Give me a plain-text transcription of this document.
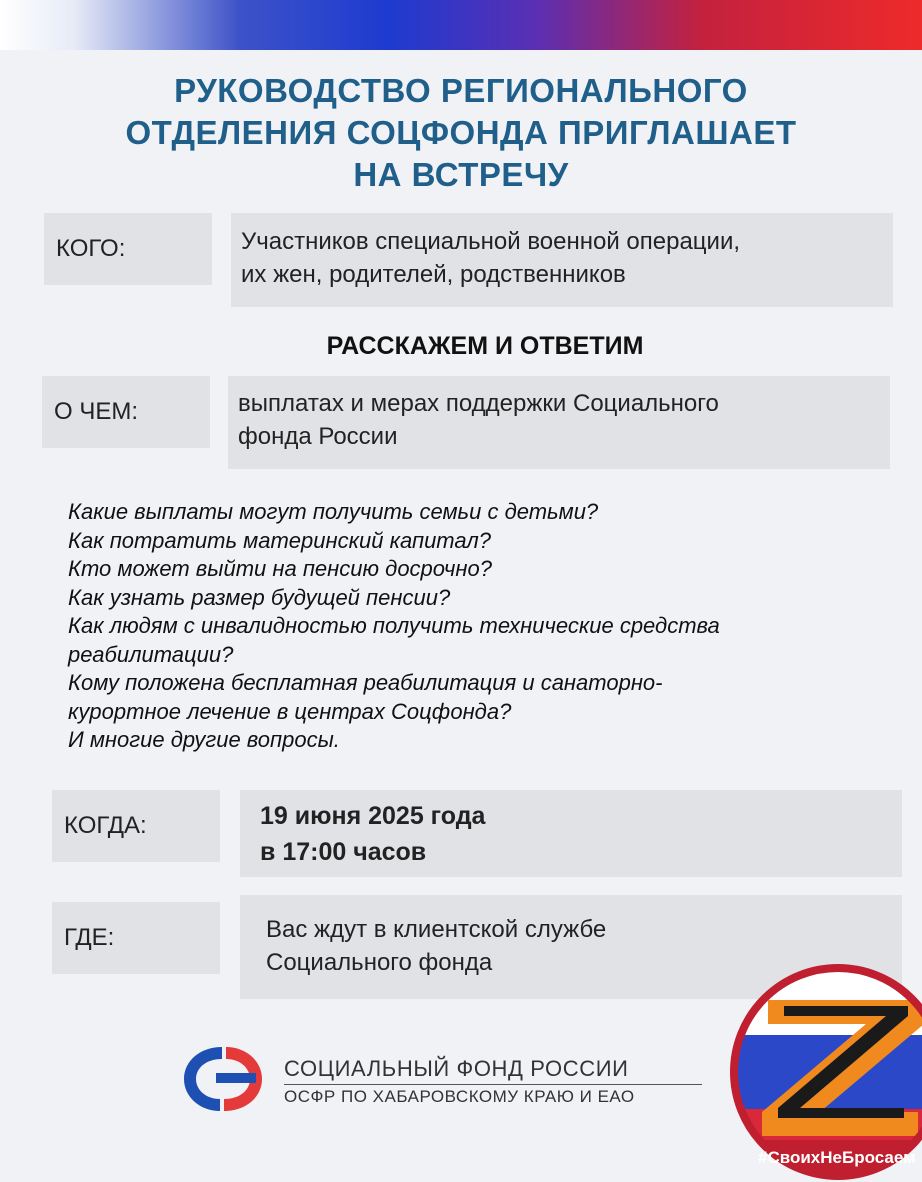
РУКОВОДСТВО РЕГИОНАЛЬНОГО
ОТДЕЛЕНИЯ СОЦФОНДА ПРИГЛАШАЕТ
НА ВСТРЕЧУ
КОГО:	Участников специальной военной операции,
их жен, родителей, родственников
РАССКАЖЕМ И ОТВЕТИМ
О ЧЕМ:	выплатах и мерах поддержки Социального
фонда России
Какие выплаты могут получить семьи с детьми?
Как потратить материнский капитал?
Кто может выйти на пенсию досрочно?
Как узнать размер будущей пенсии?
Как людям с инвалидностью получить технические средства
реабилитации?
Кому положена бесплатная реабилитация и санаторно-
курортное лечение в центрах Соцфонда?
И многие другие вопросы.
КОГДА:	19 июня 2025 года
в 17:00 часов
ГДЕ:	Вас ждут в клиентской службе
Социального фонда
СОЦИАЛЬНЫЙ ФОНД РОССИИ
ОСФР ПО ХАБАРОВСКОМУ КРАЮ И ЕАО
#СвоихНеБросаем
